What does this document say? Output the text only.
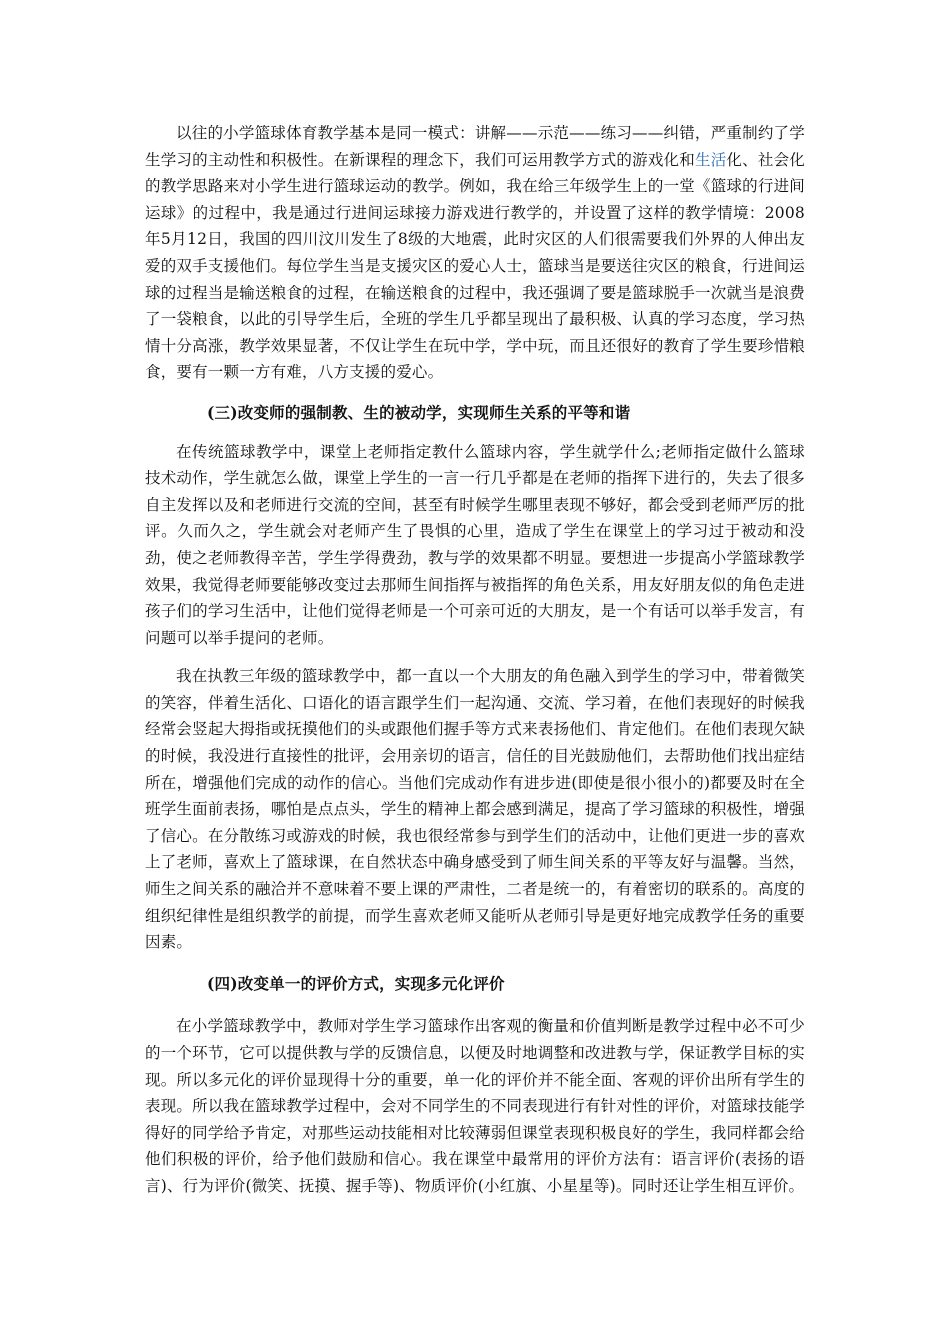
以往的小学篮球体育教学基本是同一模式：讲解——示范——练习——纠错，严重制约了学生学习的主动性和积极性。在新课程的理念下，我们可运用教学方式的游戏化和生活化、社会化的教学思路来对小学生进行篮球运动的教学。例如，我在给三年级学生上的一堂《篮球的行进间运球》的过程中，我是通过行进间运球接力游戏进行教学的，并设置了这样的教学情境：2008年5月12日，我国的四川汶川发生了8级的大地震，此时灾区的人们很需要我们外界的人伸出友爱的双手支援他们。每位学生当是支援灾区的爱心人士，篮球当是要送往灾区的粮食，行进间运球的过程当是输送粮食的过程，在输送粮食的过程中，我还强调了要是篮球脱手一次就当是浪费了一袋粮食，以此的引导学生后，全班的学生几乎都呈现出了最积极、认真的学习态度，学习热情十分高涨，教学效果显著，不仅让学生在玩中学，学中玩，而且还很好的教育了学生要珍惜粮食，要有一颗一方有难，八方支援的爱心。

(三)改变师的强制教、生的被动学，实现师生关系的平等和谐

在传统篮球教学中，课堂上老师指定教什么篮球内容，学生就学什么;老师指定做什么篮球技术动作，学生就怎么做，课堂上学生的一言一行几乎都是在老师的指挥下进行的，失去了很多自主发挥以及和老师进行交流的空间，甚至有时候学生哪里表现不够好，都会受到老师严厉的批评。久而久之，学生就会对老师产生了畏惧的心里，造成了学生在课堂上的学习过于被动和没劲，使之老师教得辛苦，学生学得费劲，教与学的效果都不明显。要想进一步提高小学篮球教学效果，我觉得老师要能够改变过去那师生间指挥与被指挥的角色关系，用友好朋友似的角色走进孩子们的学习生活中，让他们觉得老师是一个可亲可近的大朋友，是一个有话可以举手发言，有问题可以举手提问的老师。

我在执教三年级的篮球教学中，都一直以一个大朋友的角色融入到学生的学习中，带着微笑的笑容，伴着生活化、口语化的语言跟学生们一起沟通、交流、学习着，在他们表现好的时候我经常会竖起大拇指或抚摸他们的头或跟他们握手等方式来表扬他们、肯定他们。在他们表现欠缺的时候，我没进行直接性的批评，会用亲切的语言，信任的目光鼓励他们，去帮助他们找出症结所在，增强他们完成的动作的信心。当他们完成动作有进步进(即使是很小很小的)都要及时在全班学生面前表扬，哪怕是点点头，学生的精神上都会感到满足，提高了学习篮球的积极性，增强了信心。在分散练习或游戏的时候，我也很经常参与到学生们的活动中，让他们更进一步的喜欢上了老师，喜欢上了篮球课，在自然状态中确身感受到了师生间关系的平等友好与温馨。当然，师生之间关系的融洽并不意味着不要上课的严肃性，二者是统一的，有着密切的联系的。高度的组织纪律性是组织教学的前提，而学生喜欢老师又能听从老师引导是更好地完成教学任务的重要因素。

(四)改变单一的评价方式，实现多元化评价

在小学篮球教学中，教师对学生学习篮球作出客观的衡量和价值判断是教学过程中必不可少的一个环节，它可以提供教与学的反馈信息，以便及时地调整和改进教与学，保证教学目标的实现。所以多元化的评价显现得十分的重要，单一化的评价并不能全面、客观的评价出所有学生的表现。所以我在篮球教学过程中，会对不同学生的不同表现进行有针对性的评价，对篮球技能学得好的同学给予肯定，对那些运动技能相对比较薄弱但课堂表现积极良好的学生，我同样都会给他们积极的评价，给予他们鼓励和信心。我在课堂中最常用的评价方法有：语言评价(表扬的语言)、行为评价(微笑、抚摸、握手等)、物质评价(小红旗、小星星等)。同时还让学生相互评价。
